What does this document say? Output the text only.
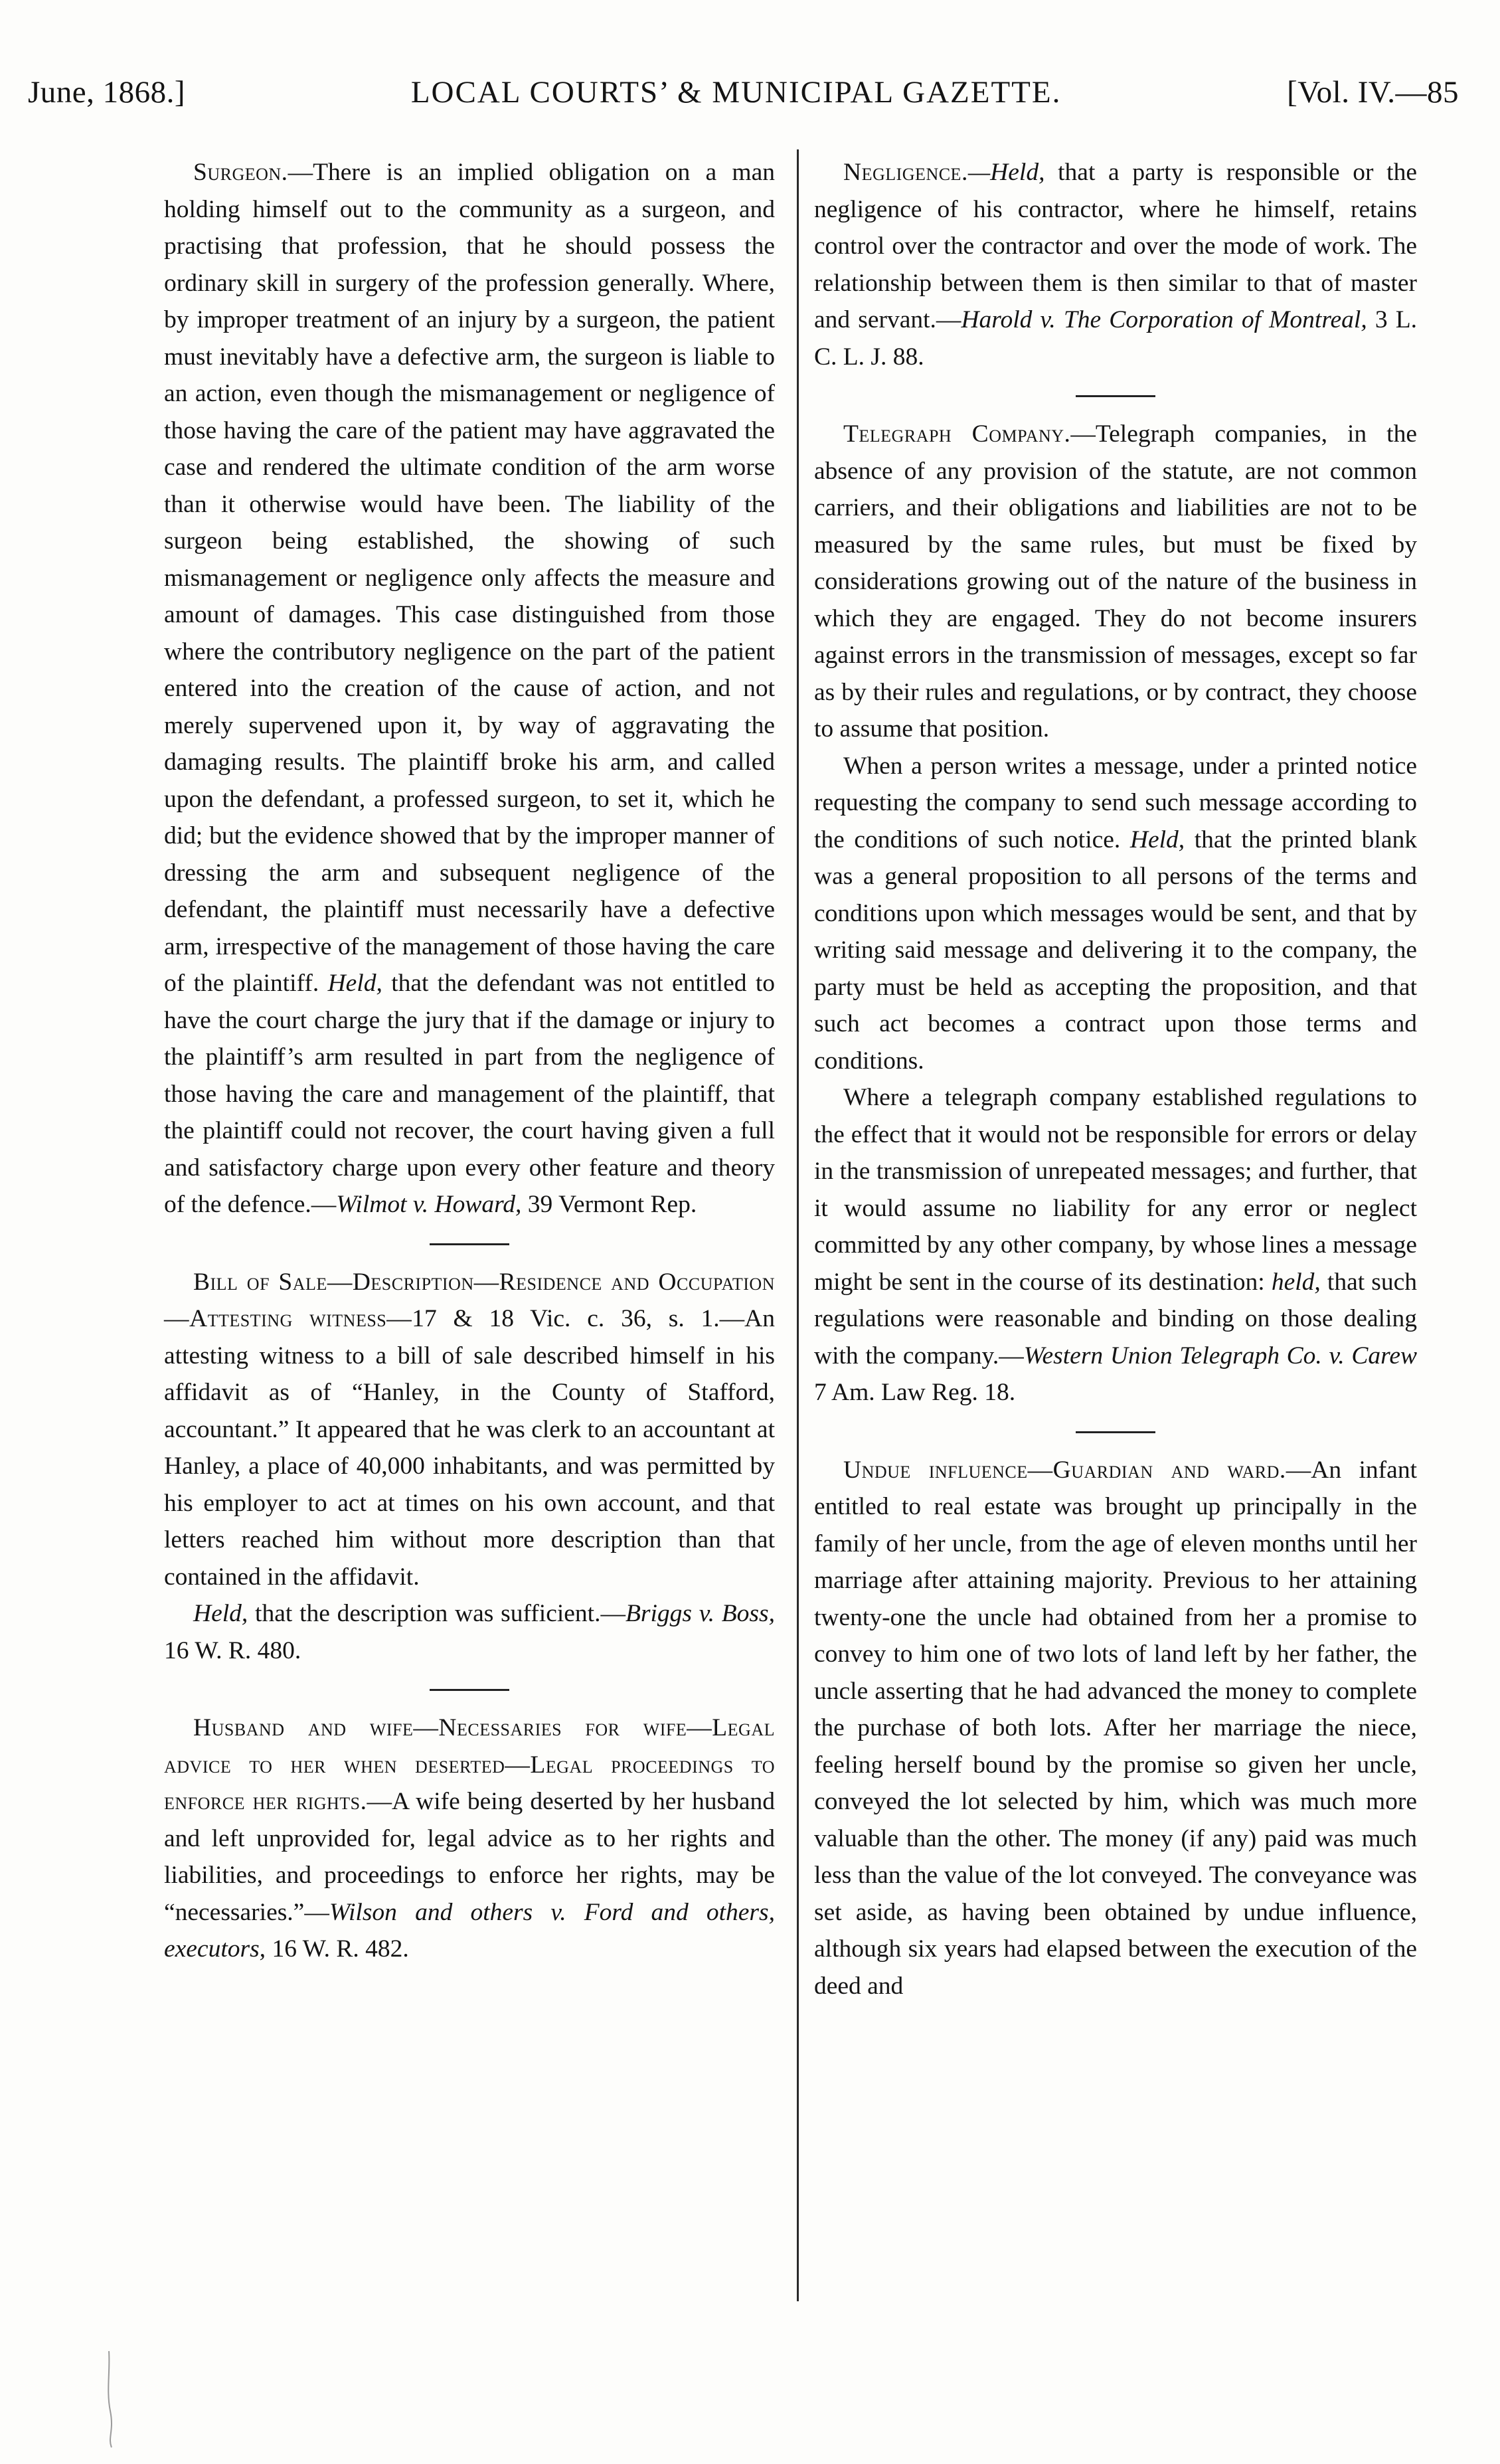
June, 1868.]	LOCAL COURTS’ & MUNICIPAL GAZETTE.	[Vol. IV.—85

Surgeon.—There is an implied obligation on a man holding himself out to the community as a surgeon, and practising that profession, that he should possess the ordinary skill in surgery of the profession generally. Where, by improper treatment of an injury by a surgeon, the patient must inevitably have a defective arm, the surgeon is liable to an action, even though the mismanagement or negligence of those having the care of the patient may have aggravated the case and rendered the ultimate condition of the arm worse than it otherwise would have been. The liability of the surgeon being established, the showing of such mismanagement or negligence only affects the measure and amount of damages. This case distinguished from those where the contributory negligence on the part of the patient entered into the creation of the cause of action, and not merely supervened upon it, by way of aggravating the damaging results. The plaintiff broke his arm, and called upon the defendant, a professed surgeon, to set it, which he did; but the evidence showed that by the improper manner of dressing the arm and subsequent negligence of the defendant, the plaintiff must necessarily have a defective arm, irrespective of the management of those having the care of the plaintiff. Held, that the defendant was not entitled to have the court charge the jury that if the damage or injury to the plaintiff’s arm resulted in part from the negligence of those having the care and management of the plaintiff, that the plaintiff could not recover, the court having given a full and satisfactory charge upon every other feature and theory of the defence.—Wilmot v. Howard, 39 Vermont Rep.

Bill of Sale—Description—Residence and Occupation—Attesting witness—17 & 18 Vic. c. 36, s. 1.—An attesting witness to a bill of sale described himself in his affidavit as of “Hanley, in the County of Stafford, accountant.” It appeared that he was clerk to an accountant at Hanley, a place of 40,000 inhabitants, and was permitted by his employer to act at times on his own account, and that letters reached him without more description than that contained in the affidavit.

Held, that the description was sufficient.—Briggs v. Boss, 16 W. R. 480.

Husband and wife—Necessaries for wife—Legal advice to her when deserted—Legal proceedings to enforce her rights.—A wife being deserted by her husband and left unprovided for, legal advice as to her rights and liabilities, and proceedings to enforce her rights, may be “necessaries.”—Wilson and others v. Ford and others, executors, 16 W. R. 482.

Negligence.—Held, that a party is responsible or the negligence of his contractor, where he himself, retains control over the contractor and over the mode of work. The relationship between them is then similar to that of master and servant.—Harold v. The Corporation of Montreal, 3 L. C. L. J. 88.

Telegraph Company.—Telegraph companies, in the absence of any provision of the statute, are not common carriers, and their obligations and liabilities are not to be measured by the same rules, but must be fixed by considerations growing out of the nature of the business in which they are engaged. They do not become insurers against errors in the transmission of messages, except so far as by their rules and regulations, or by contract, they choose to assume that position.

When a person writes a message, under a printed notice requesting the company to send such message according to the conditions of such notice. Held, that the printed blank was a general proposition to all persons of the terms and conditions upon which messages would be sent, and that by writing said message and delivering it to the company, the party must be held as accepting the proposition, and that such act becomes a contract upon those terms and conditions.

Where a telegraph company established regulations to the effect that it would not be responsible for errors or delay in the transmission of unrepeated messages; and further, that it would assume no liability for any error or neglect committed by any other company, by whose lines a message might be sent in the course of its destination: held, that such regulations were reasonable and binding on those dealing with the company.—Western Union Telegraph Co. v. Carew 7 Am. Law Reg. 18.

Undue influence—Guardian and ward.—An infant entitled to real estate was brought up principally in the family of her uncle, from the age of eleven months until her marriage after attaining majority. Previous to her attaining twenty-one the uncle had obtained from her a promise to convey to him one of two lots of land left by her father, the uncle asserting that he had advanced the money to complete the purchase of both lots. After her marriage the niece, feeling herself bound by the promise so given her uncle, conveyed the lot selected by him, which was much more valuable than the other. The money (if any) paid was much less than the value of the lot conveyed. The conveyance was set aside, as having been obtained by undue influence, although six years had elapsed between the execution of the deed and
